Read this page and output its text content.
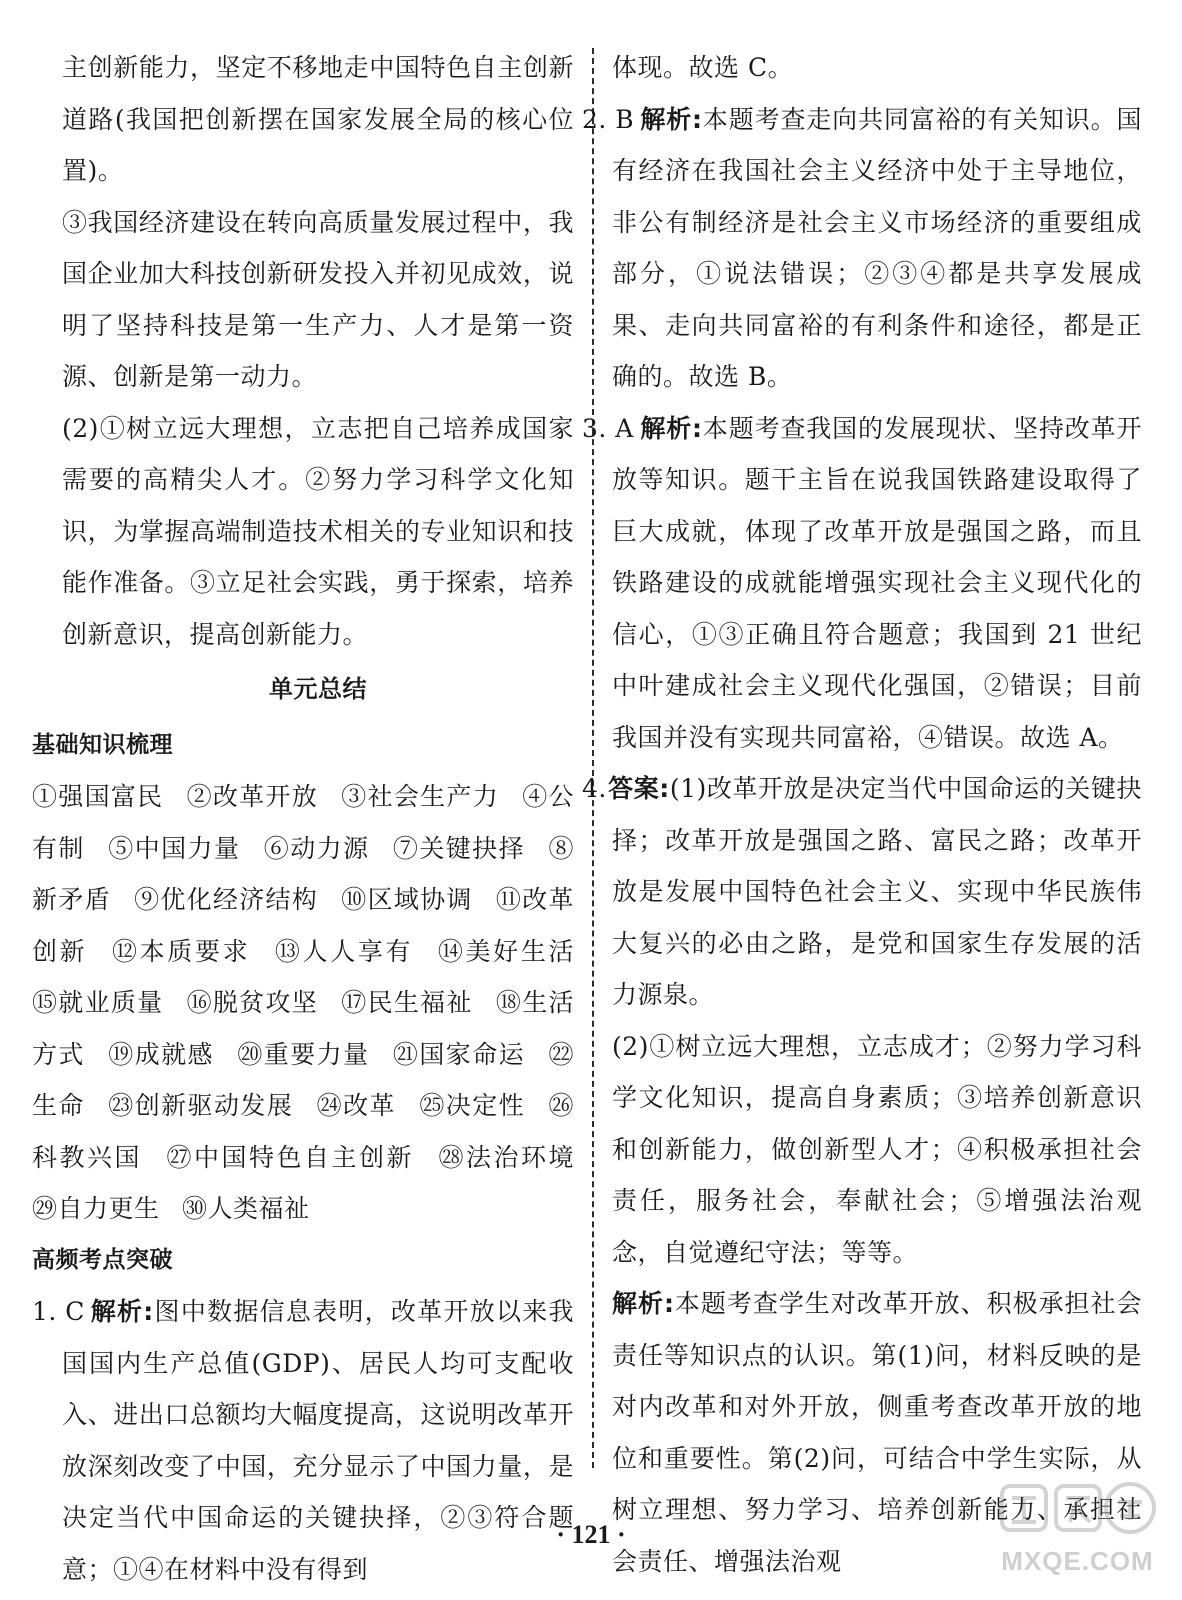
主创新能力，坚定不移地走中国特色自主创新道路(我国把创新摆在国家发展全局的核心位置)。

③我国经济建设在转向高质量发展过程中，我国企业加大科技创新研发投入并初见成效，说明了坚持科技是第一生产力、人才是第一资源、创新是第一动力。

(2)①树立远大理想，立志把自己培养成国家需要的高精尖人才。②努力学习科学文化知识，为掌握高端制造技术相关的专业知识和技能作准备。③立足社会实践，勇于探索，培养创新意识，提高创新能力。

单元总结
基础知识梳理

①强国富民 ②改革开放 ③社会生产力 ④公有制 ⑤中国力量 ⑥动力源 ⑦关键抉择 ⑧新矛盾 ⑨优化经济结构 ⑩区域协调 ⑪改革创新 ⑫本质要求 ⑬人人享有 ⑭美好生活 ⑮就业质量 ⑯脱贫攻坚 ⑰民生福祉 ⑱生活方式 ⑲成就感 ⑳重要力量 ㉑国家命运 ㉒生命 ㉓创新驱动发展 ㉔改革 ㉕决定性 ㉖科教兴国 ㉗中国特色自主创新 ㉘法治环境 ㉙自力更生 ㉚人类福祉

高频考点突破

1. C 解析:图中数据信息表明，改革开放以来我国国内生产总值(GDP)、居民人均可支配收入、进出口总额均大幅度提高，这说明改革开放深刻改变了中国，充分显示了中国力量，是决定当代中国命运的关键抉择，②③符合题意；①④在材料中没有得到

体现。故选 C。

2. B 解析:本题考查走向共同富裕的有关知识。国有经济在我国社会主义经济中处于主导地位，非公有制经济是社会主义市场经济的重要组成部分，①说法错误；②③④都是共享发展成果、走向共同富裕的有利条件和途径，都是正确的。故选 B。

3. A 解析:本题考查我国的发展现状、坚持改革开放等知识。题干主旨在说我国铁路建设取得了巨大成就，体现了改革开放是强国之路，而且铁路建设的成就能增强实现社会主义现代化的信心，①③正确且符合题意；我国到 21 世纪中叶建成社会主义现代化强国，②错误；目前我国并没有实现共同富裕，④错误。故选 A。

4.答案:(1)改革开放是决定当代中国命运的关键抉择；改革开放是强国之路、富民之路；改革开放是发展中国特色社会主义、实现中华民族伟大复兴的必由之路，是党和国家生存发展的活力源泉。

(2)①树立远大理想，立志成才；②努力学习科学文化知识，提高自身素质；③培养创新意识和创新能力，做创新型人才；④积极承担社会责任，服务社会，奉献社会；⑤增强法治观念，自觉遵纪守法；等等。

解析:本题考查学生对改革开放、积极承担社会责任等知识点的认识。第(1)问，材料反映的是对内改革和对外开放，侧重考查改革开放的地位和重要性。第(2)问，可结合中学生实际，从树立理想、努力学习、培养创新能力、承担社会责任、增强法治观

· 121 ·
MXQE.COM
